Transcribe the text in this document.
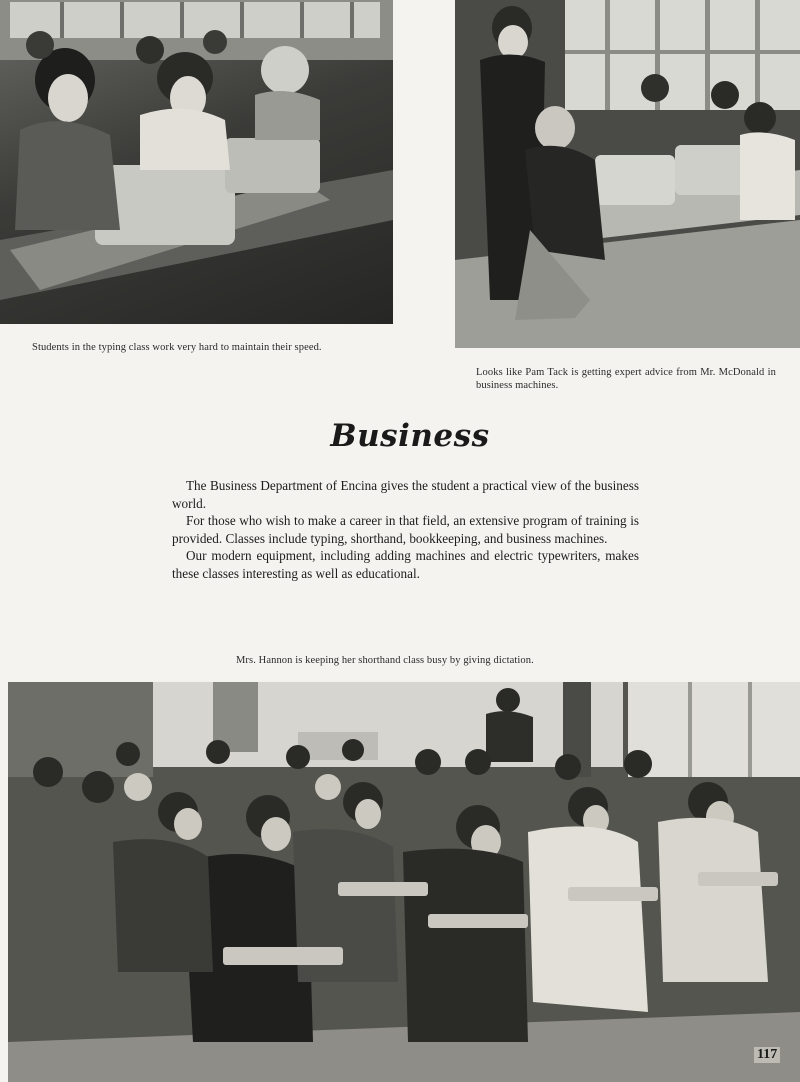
Students in the typing class work very hard to maintain their speed.
Looks like Pam Tack is getting expert advice from Mr. McDonald in business machines.
Business

The Business Department of Encina gives the student a practical view of the business world.

For those who wish to make a career in that field, an extensive program of training is provided. Classes include typing, shorthand, bookkeeping, and business machines.

Our modern equipment, including adding machines and electric typewriters, makes these classes interesting as well as educational.

Mrs. Hannon is keeping her shorthand class busy by giving dictation.
117
